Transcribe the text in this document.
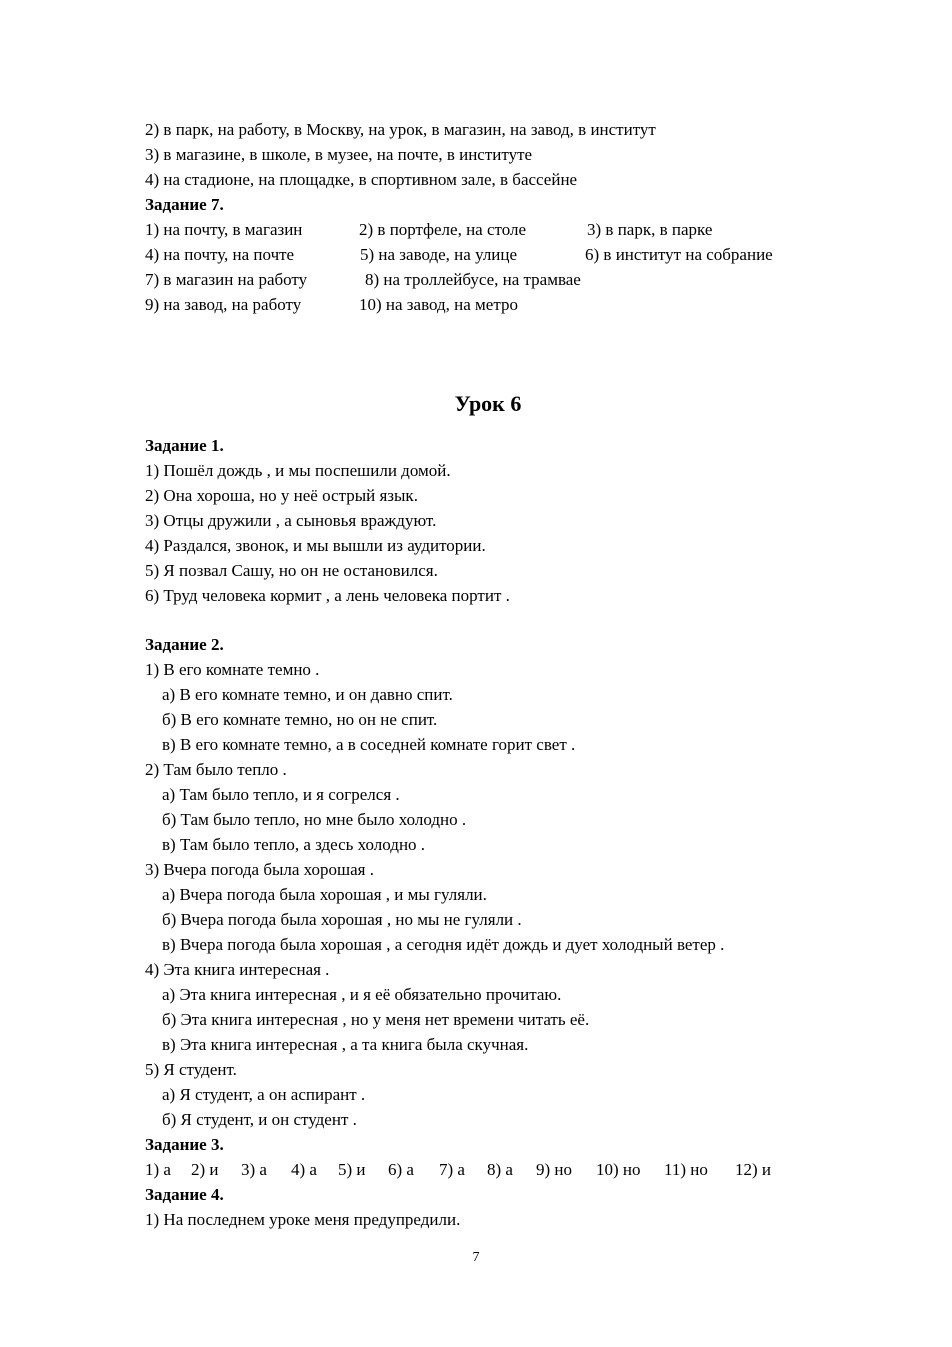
2) в парк, на работу, в Москву, на урок, в магазин, на завод, в институт
3) в магазине, в школе, в музее, на почте, в институте
4) на стадионе, на площадке, в спортивном зале, в бассейне
Задание 7.
1) на почту, в магазин	2) в портфеле, на столе	3) в парк, в парке
4) на почту, на почте	5) на заводе, на улице	6) в институт на собрание
7) в магазин на работу	8) на троллейбусе, на трамвае
9) на завод, на работу	10) на завод, на метро
Урок 6
Задание 1.
1) Пошёл дождь , и мы поспешили домой.
2) Она хороша, но у неё острый язык.
3) Отцы дружили , а сыновья враждуют.
4) Раздался, звонок, и мы вышли из аудитории.
5) Я позвал Сашу, но он не остановился.
6) Труд человека кормит , а лень человека портит .
Задание 2.
1) В его комнате темно .
а) В его комнате темно, и он давно спит.
б) В его комнате темно, но он не спит.
в) В его комнате темно, а в соседней комнате горит свет .
2) Там было тепло .
а) Там было тепло, и я согрелся .
б) Там было тепло, но мне было холодно .
в) Там было тепло, а здесь холодно .
3) Вчера погода была хорошая .
а) Вчера погода была хорошая , и мы гуляли.
б) Вчера погода была хорошая , но мы не гуляли .
в) Вчера погода была хорошая , а сегодня идёт дождь и дует холодный ветер .
4) Эта книга интересная .
а) Эта книга интересная , и я её обязательно прочитаю.
б) Эта книга интересная , но у меня нет времени читать её.
в) Эта книга интересная , а та книга была скучная.
5) Я студент.
а) Я студент, а он аспирант .
б) Я студент, и он студент .
Задание 3.
1) а 2) и 3) а 4) а 5) и 6) а 7) а 8) а 9) но 10) но 11) но 12) и
Задание 4.
1) На последнем уроке меня предупредили.
7
